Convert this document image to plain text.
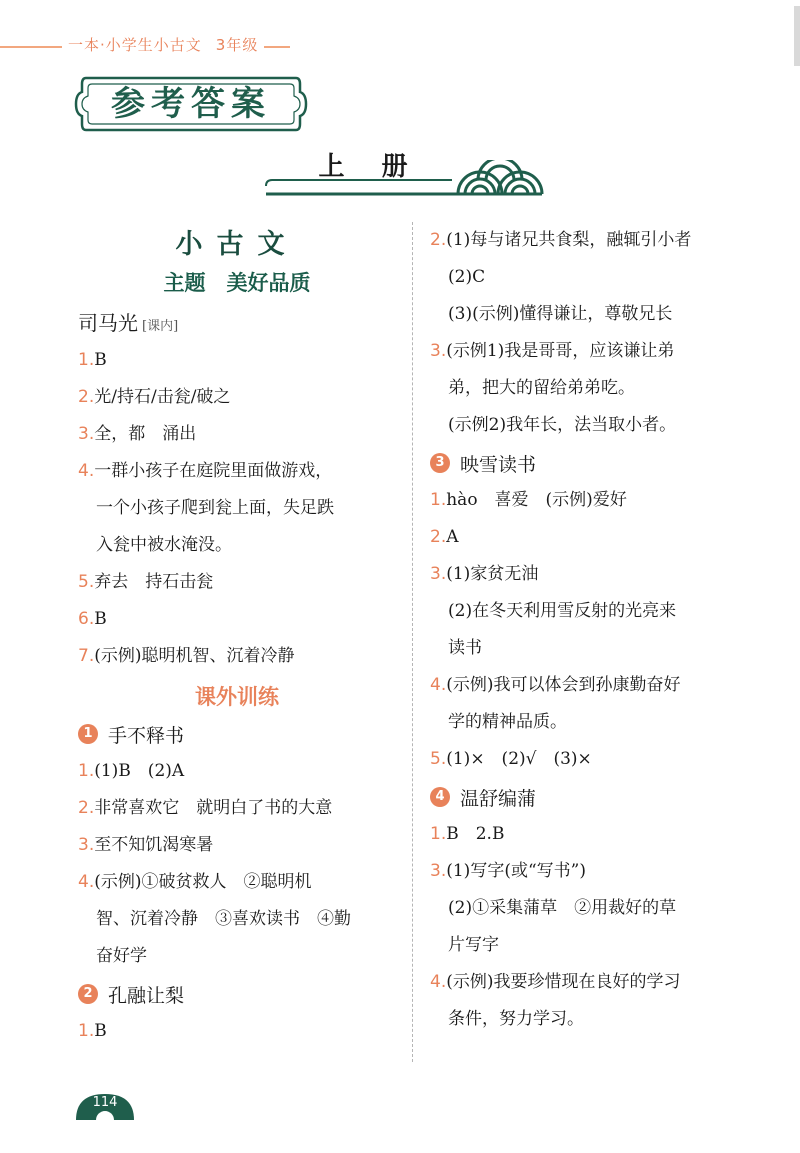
一本·小学生小古文 3年级
参考答案
上 册
小古文
主题　美好品质
司马光 [课内]

1.B

2.光/持石/击瓮/破之

3.全，都　涌出

4.一群小孩子在庭院里面做游戏，

一个小孩子爬到瓮上面，失足跌

入瓮中被水淹没。

5.弃去　持石击瓮

6.B

7.(示例)聪明机智、沉着冷静

课外训练
1 手不释书

1.(1)B　(2)A

2.非常喜欢它　就明白了书的大意

3.至不知饥渴寒暑

4.(示例)①破贫救人　②聪明机

智、沉着冷静　③喜欢读书　④勤

奋好学

2 孔融让梨

1.B

2.(1)每与诸兄共食梨，融辄引小者

(2)C

(3)(示例)懂得谦让，尊敬兄长

3.(示例1)我是哥哥，应该谦让弟

弟，把大的留给弟弟吃。

(示例2)我年长，法当取小者。

3 映雪读书

1.hào　喜爱　(示例)爱好

2.A

3.(1)家贫无油

(2)在冬天利用雪反射的光亮来

读书

4.(示例)我可以体会到孙康勤奋好

学的精神品质。

5.(1)×　(2)√　(3)×

4 温舒编蒲

1.B　2.B

3.(1)写字(或“写书”)

(2)①采集蒲草　②用裁好的草

片写字

4.(示例)我要珍惜现在良好的学习

条件，努力学习。

114
